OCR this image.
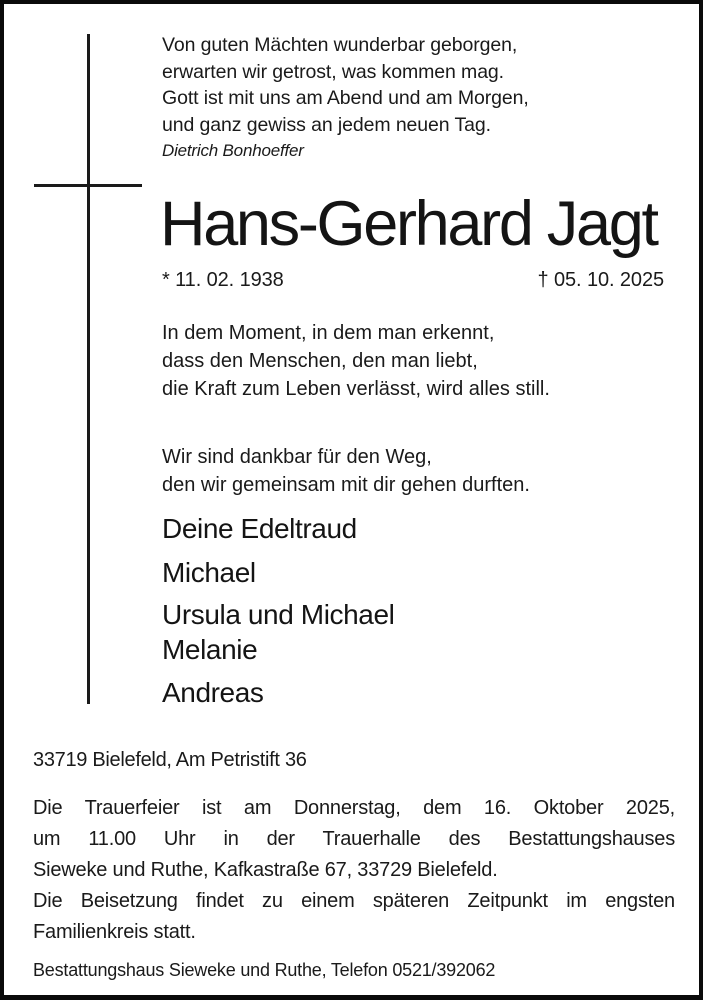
Von guten Mächten wunderbar geborgen,
erwarten wir getrost, was kommen mag.
Gott ist mit uns am Abend und am Morgen,
und ganz gewiss an jedem neuen Tag.
Dietrich Bonhoeffer
Hans-Gerhard Jagt
* 11. 02. 1938	† 05. 10. 2025
In dem Moment, in dem man erkennt,
dass den Menschen, den man liebt,
die Kraft zum Leben verlässt, wird alles still.
Wir sind dankbar für den Weg,
den wir gemeinsam mit dir gehen durften.
Deine Edeltraud
Michael
Ursula und Michael
Melanie
Andreas
33719 Bielefeld, Am Petristift 36
Die Trauerfeier ist am Donnerstag, dem 16. Oktober 2025,
um 11.00 Uhr in der Trauerhalle des Bestattungshauses
Sieweke und Ruthe, Kafkastraße 67, 33729 Bielefeld.
Die Beisetzung findet zu einem späteren Zeitpunkt im engsten
Familienkreis statt.
Bestattungshaus Sieweke und Ruthe, Telefon 0521/392062
